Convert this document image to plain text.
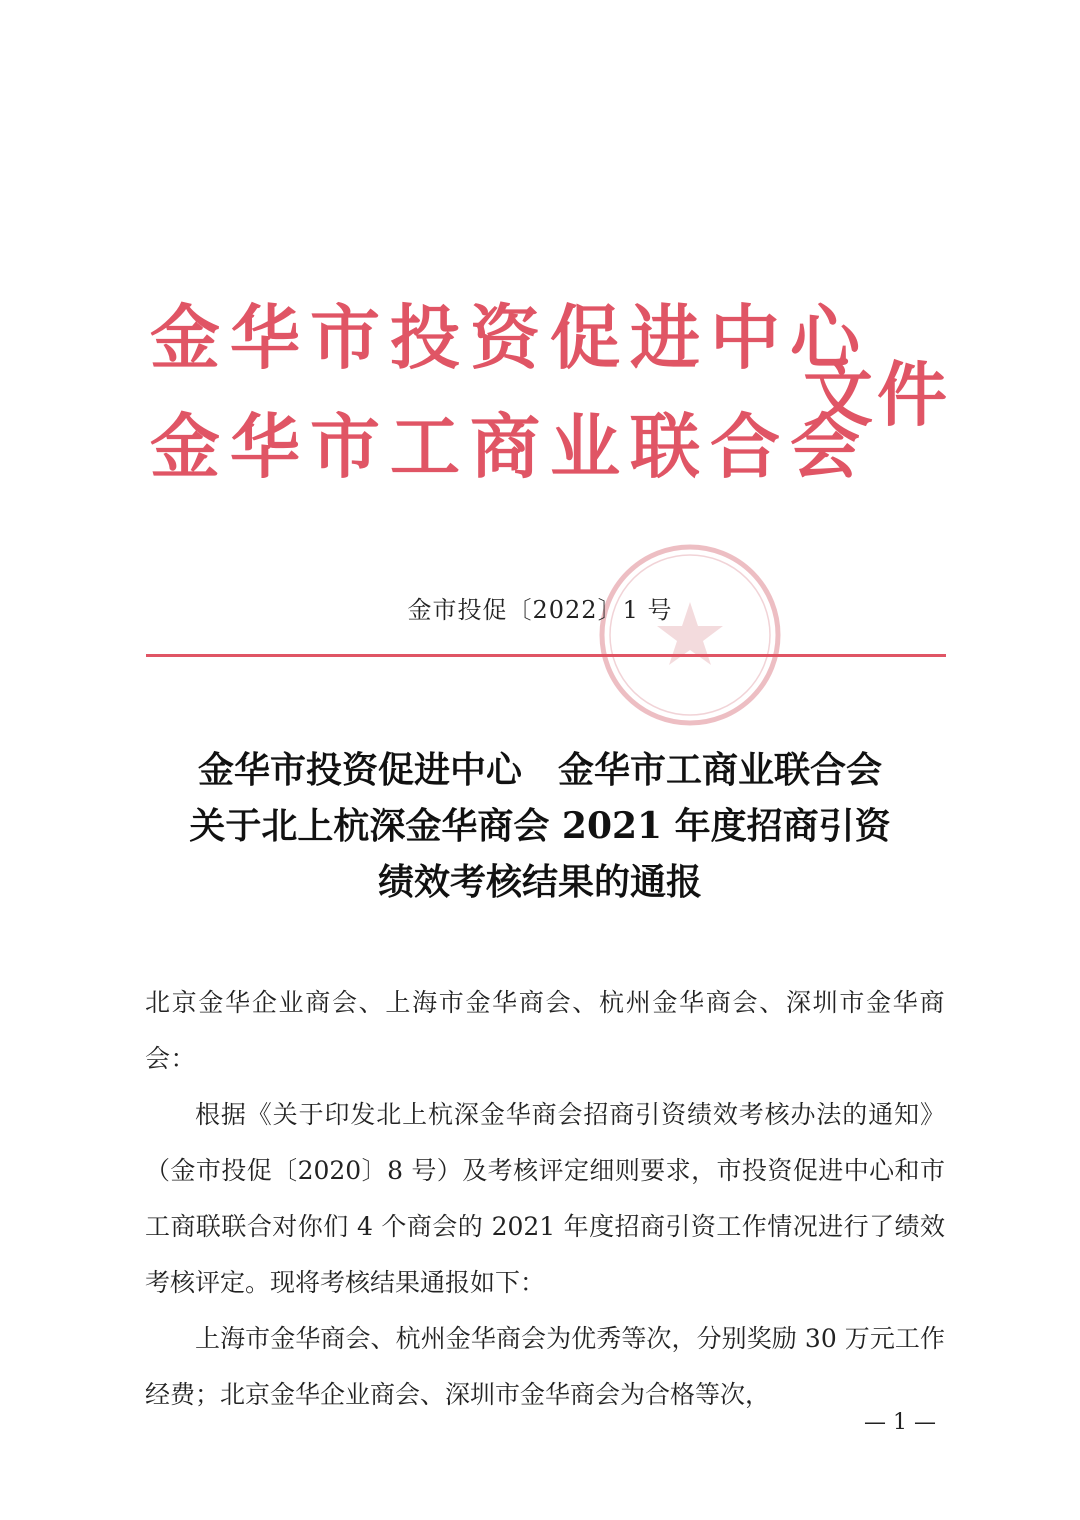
金华市投资促进中心
金华市工商业联合会
文件
金市投促〔2022〕1 号
金华市投资促进中心　金华市工商业联合会
关于北上杭深金华商会 2021 年度招商引资
绩效考核结果的通报

北京金华企业商会、上海市金华商会、杭州金华商会、深圳市金华商会：

根据《关于印发北上杭深金华商会招商引资绩效考核办法的通知》（金市投促〔2020〕8 号）及考核评定细则要求，市投资促进中心和市工商联联合对你们 4 个商会的 2021 年度招商引资工作情况进行了绩效考核评定。现将考核结果通报如下：

上海市金华商会、杭州金华商会为优秀等次，分别奖励 30 万元工作经费；北京金华企业商会、深圳市金华商会为合格等次，

— 1 —
